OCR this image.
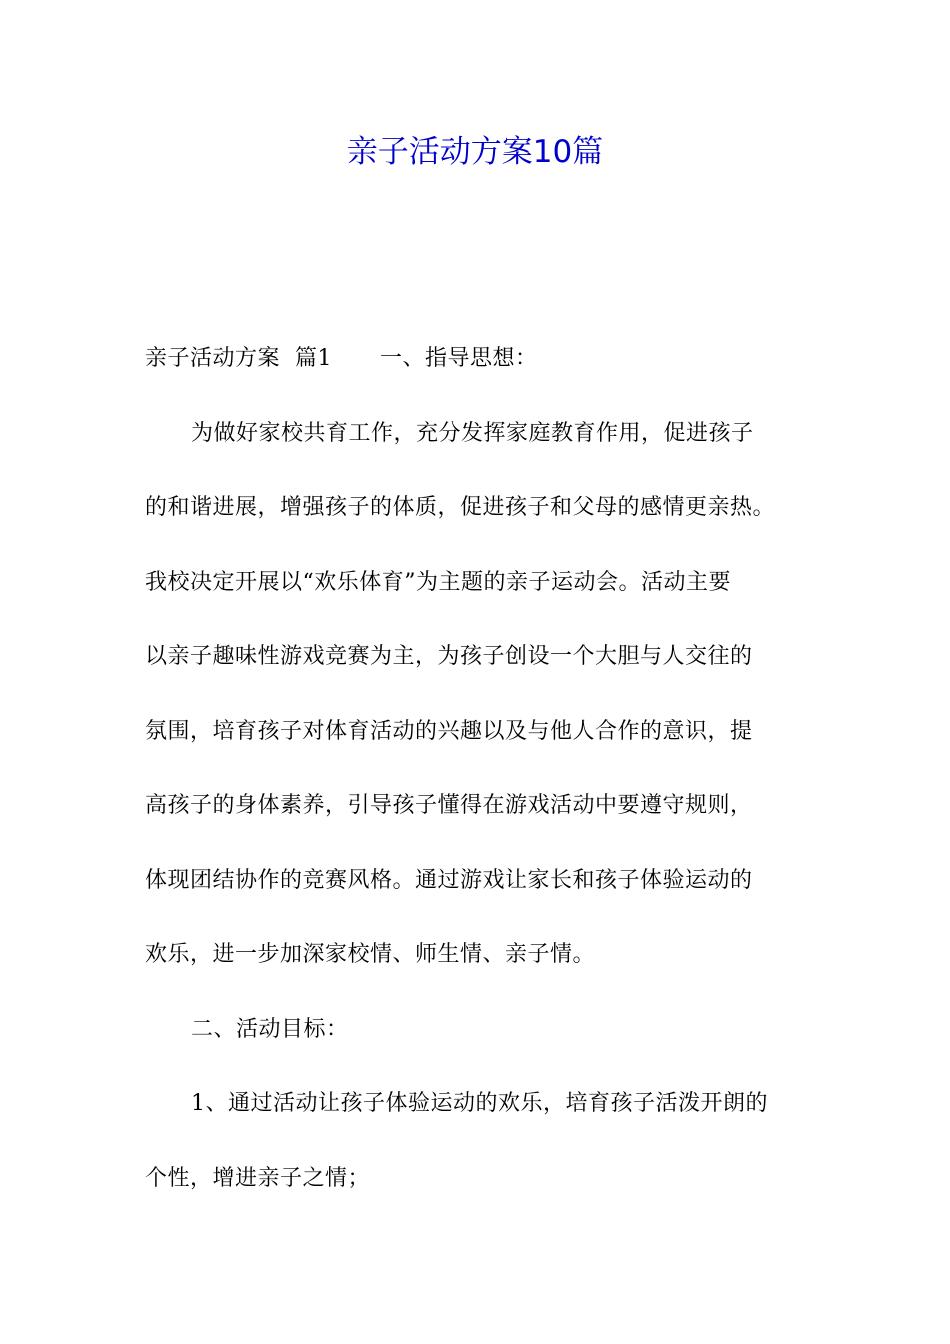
亲子活动方案10篇
亲子活动方案  篇1 一、指导思想：
为做好家校共育工作，充分发挥家庭教育作用，促进孩子
的和谐进展，增强孩子的体质，促进孩子和父母的感情更亲热。
我校决定开展以“欢乐体育”为主题的亲子运动会。活动主要
以亲子趣味性游戏竞赛为主，为孩子创设一个大胆与人交往的
氛围，培育孩子对体育活动的兴趣以及与他人合作的意识，提
高孩子的身体素养，引导孩子懂得在游戏活动中要遵守规则，
体现团结协作的竞赛风格。通过游戏让家长和孩子体验运动的
欢乐，进一步加深家校情、师生情、亲子情。
二、活动目标：
1、通过活动让孩子体验运动的欢乐，培育孩子活泼开朗的
个性，增进亲子之情；
